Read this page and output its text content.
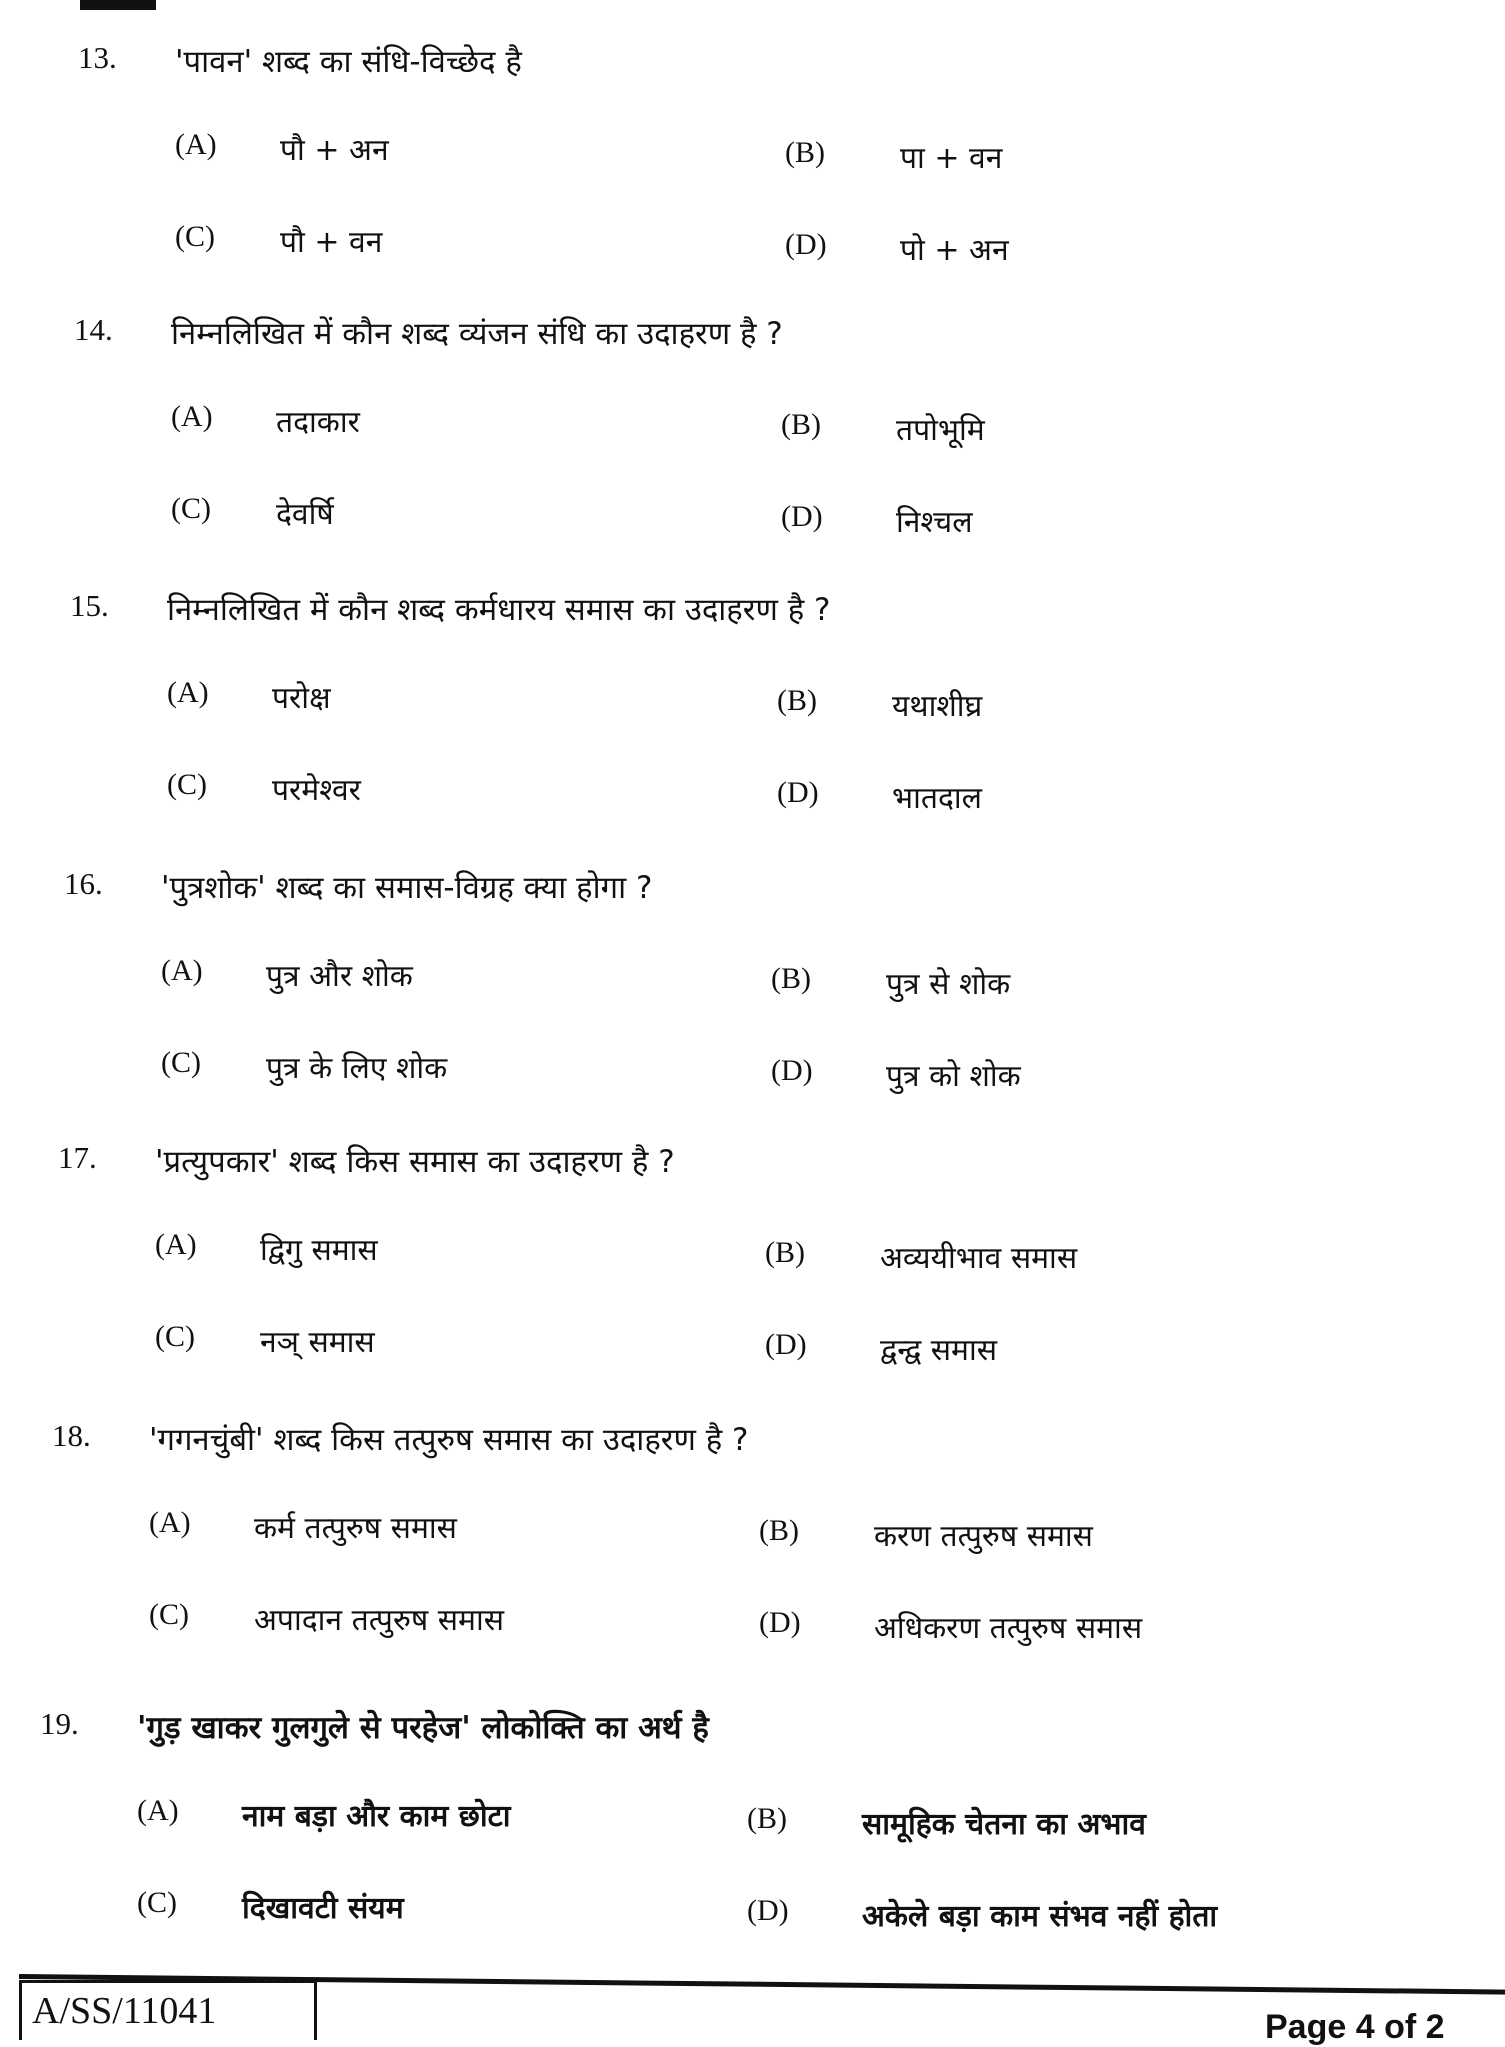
13. 'पावन' शब्द का संधि-विच्छेद है
(A) पौ + अन	(B)	पा + वन
(C) पौ + वन	(D) पो + अन
14. निम्नलिखित में कौन शब्द व्यंजन संधि का उदाहरण है ?
(A) तदाकार	(B)	तपोभूमि
(C) देवर्षि	(D) निश्चल
15. निम्नलिखित में कौन शब्द कर्मधारय समास का उदाहरण है ?
(A) परोक्ष	(B)	यथाशीघ्र
(C) परमेश्वर	(D) भातदाल
16. 'पुत्रशोक' शब्द का समास-विग्रह क्या होगा ?
(A) पुत्र और शोक	(B)	पुत्र से शोक
(C) पुत्र के लिए शोक	(D) पुत्र को शोक
17. 'प्रत्युपकार' शब्द किस समास का उदाहरण है ?
(A) द्विगु समास	(B)	अव्ययीभाव समास
(C) नञ् समास	(D) द्वन्द्व समास
18. 'गगनचुंबी' शब्द किस तत्पुरुष समास का उदाहरण है ?
(A) कर्म तत्पुरुष समास	(B)	करण तत्पुरुष समास
(C) अपादान तत्पुरुष समास	(D) अधिकरण तत्पुरुष समास
19. 'गुड़ खाकर गुलगुले से परहेज' लोकोक्ति का अर्थ है
(A) नाम बड़ा और काम छोटा	(B)	सामूहिक चेतना का अभाव
(C) दिखावटी संयम	(D) अकेले बड़ा काम संभव नहीं होता
A/SS/11041	Page 4 of 2
